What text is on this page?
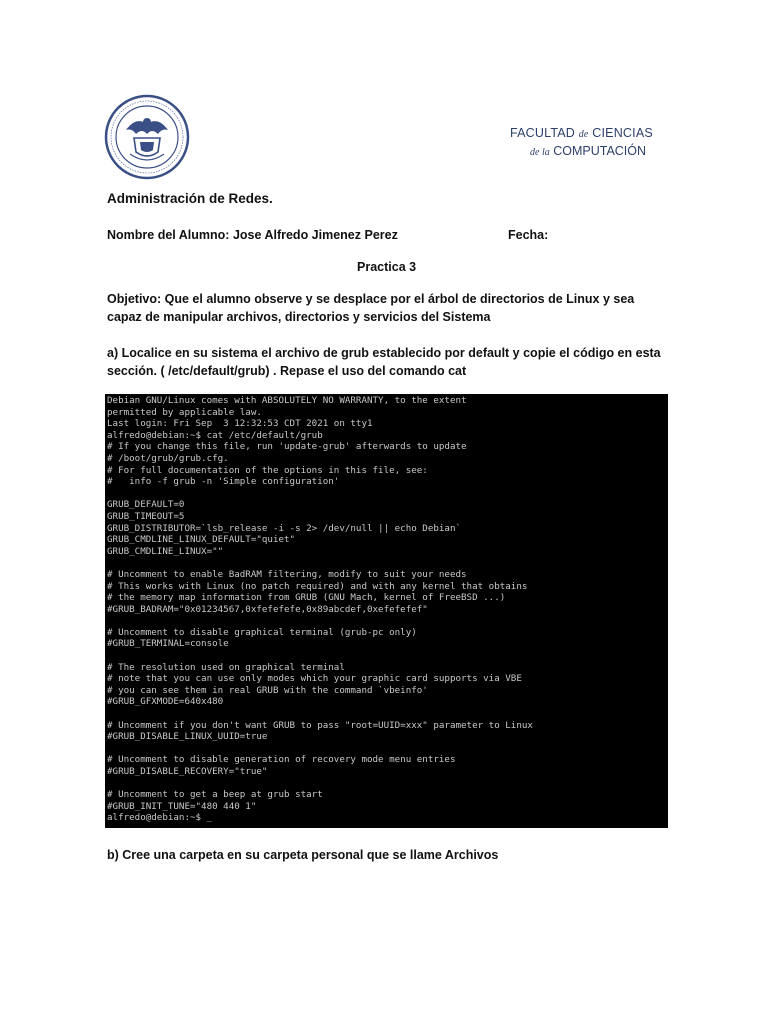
FACULTAD de CIENCIAS
de la COMPUTACIÓN
Administración de Redes.
Nombre del Alumno: Jose Alfredo Jimenez Perez	Fecha:
Practica 3
Objetivo: Que el alumno observe y se desplace por el árbol de directorios de Linux y sea capaz de manipular archivos, directorios y servicios del Sistema
a) Localice en su sistema el archivo de grub establecido por default y copie el código en esta sección. ( /etc/default/grub) . Repase el uso del comando cat
Debian GNU/Linux comes with ABSOLUTELY NO WARRANTY, to the extent
permitted by applicable law.
Last login: Fri Sep  3 12:32:53 CDT 2021 on tty1
alfredo@debian:~$ cat /etc/default/grub
# If you change this file, run 'update-grub' afterwards to update
# /boot/grub/grub.cfg.
# For full documentation of the options in this file, see:
#   info -f grub -n 'Simple configuration'

GRUB_DEFAULT=0
GRUB_TIMEOUT=5
GRUB_DISTRIBUTOR=`lsb_release -i -s 2> /dev/null || echo Debian`
GRUB_CMDLINE_LINUX_DEFAULT="quiet"
GRUB_CMDLINE_LINUX=""

# Uncomment to enable BadRAM filtering, modify to suit your needs
# This works with Linux (no patch required) and with any kernel that obtains
# the memory map information from GRUB (GNU Mach, kernel of FreeBSD ...)
#GRUB_BADRAM="0x01234567,0xfefefefe,0x89abcdef,0xefefefef"

# Uncomment to disable graphical terminal (grub-pc only)
#GRUB_TERMINAL=console

# The resolution used on graphical terminal
# note that you can use only modes which your graphic card supports via VBE
# you can see them in real GRUB with the command `vbeinfo'
#GRUB_GFXMODE=640x480

# Uncomment if you don't want GRUB to pass "root=UUID=xxx" parameter to Linux
#GRUB_DISABLE_LINUX_UUID=true

# Uncomment to disable generation of recovery mode menu entries
#GRUB_DISABLE_RECOVERY="true"

# Uncomment to get a beep at grub start
#GRUB_INIT_TUNE="480 440 1"
alfredo@debian:~$ _
b) Cree una carpeta en su carpeta personal que se llame Archivos
